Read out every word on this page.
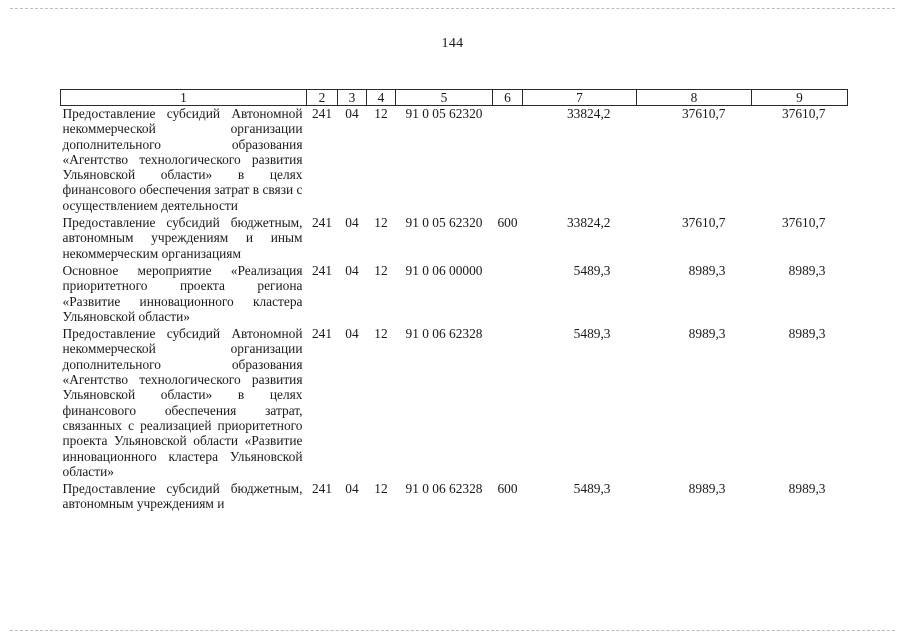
144
1	2	3	4	5	6	7	8	9
Предоставление субсидий Автономной некоммерческой организации дополнительного образования «Агентство технологического развития Ульяновской области» в целях финансового обеспечения затрат в связи с осуществлением деятельности	241	04	12	91 0 05 62320		33824,2	37610,7	37610,7
Предоставление субсидий бюджетным, автономным учреждениям и иным некоммерческим организациям	241	04	12	91 0 05 62320	600	33824,2	37610,7	37610,7
Основное мероприятие «Реализация приоритетного проекта региона «Развитие инновационного кластера Ульяновской области»	241	04	12	91 0 06 00000		5489,3	8989,3	8989,3
Предоставление субсидий Автономной некоммерческой организации дополнительного образования «Агентство технологического развития Ульяновской области» в целях финансового обеспечения затрат, связанных с реализацией приоритетного проекта Ульяновской области «Развитие инновационного кластера Ульяновской области»	241	04	12	91 0 06 62328		5489,3	8989,3	8989,3
Предоставление субсидий бюджетным, автономным учреждениям и	241	04	12	91 0 06 62328	600	5489,3	8989,3	8989,3
